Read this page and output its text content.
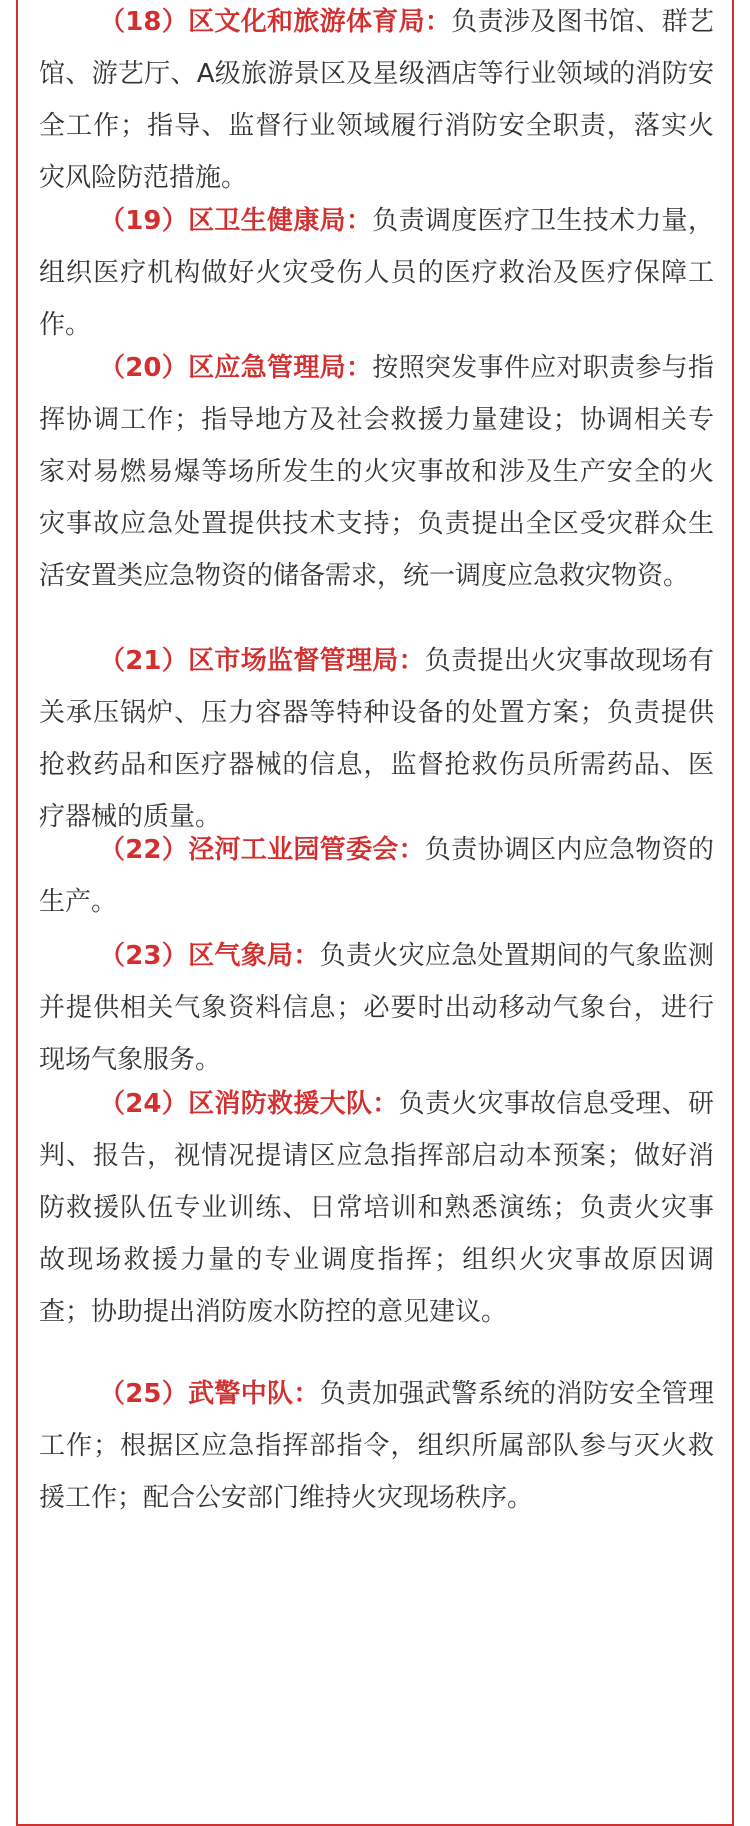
（18）区文化和旅游体育局：负责涉及图书馆、群艺馆、游艺厅、A级旅游景区及星级酒店等行业领域的消防安全工作；指导、监督行业领域履行消防安全职责，落实火灾风险防范措施。

（19）区卫生健康局：负责调度医疗卫生技术力量，组织医疗机构做好火灾受伤人员的医疗救治及医疗保障工作。

（20）区应急管理局：按照突发事件应对职责参与指挥协调工作；指导地方及社会救援力量建设；协调相关专家对易燃易爆等场所发生的火灾事故和涉及生产安全的火灾事故应急处置提供技术支持；负责提出全区受灾群众生活安置类应急物资的储备需求，统一调度应急救灾物资。

（21）区市场监督管理局：负责提出火灾事故现场有关承压锅炉、压力容器等特种设备的处置方案；负责提供抢救药品和医疗器械的信息，监督抢救伤员所需药品、医疗器械的质量。

（22）泾河工业园管委会：负责协调区内应急物资的生产。

（23）区气象局：负责火灾应急处置期间的气象监测并提供相关气象资料信息；必要时出动移动气象台，进行现场气象服务。

（24）区消防救援大队：负责火灾事故信息受理、研判、报告，视情况提请区应急指挥部启动本预案；做好消防救援队伍专业训练、日常培训和熟悉演练；负责火灾事故现场救援力量的专业调度指挥；组织火灾事故原因调查；协助提出消防废水防控的意见建议。

（25）武警中队：负责加强武警系统的消防安全管理工作；根据区应急指挥部指令，组织所属部队参与灭火救援工作；配合公安部门维持火灾现场秩序。
